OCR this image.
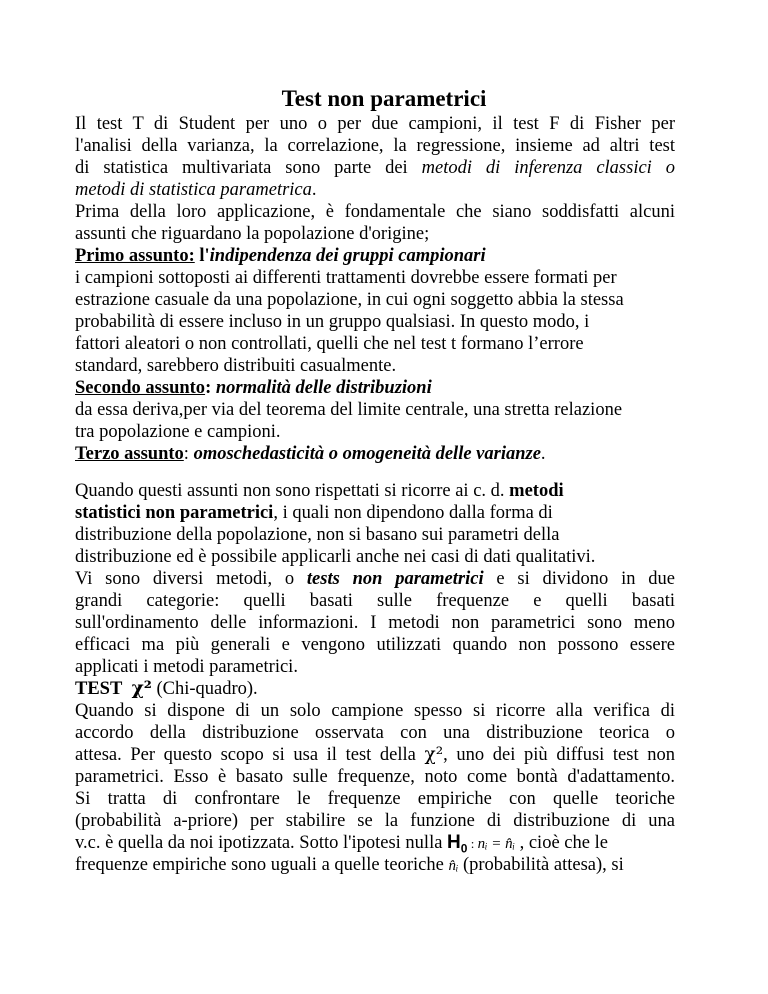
Test non parametrici
Il test T di Student per uno o per due campioni, il test F di Fisher per
l'analisi della varianza, la correlazione, la regressione, insieme ad altri test
di statistica multivariata sono parte dei metodi di inferenza classici o
metodi di statistica parametrica.
Prima della loro applicazione, è fondamentale che siano soddisfatti alcuni
assunti che riguardano la popolazione d'origine;
Primo assunto: l'indipendenza dei gruppi campionari
i campioni sottoposti ai differenti trattamenti dovrebbe essere formati per
estrazione casuale da una popolazione, in cui ogni soggetto abbia la stessa
probabilità di essere incluso in un gruppo qualsiasi. In questo modo, i
fattori aleatori o non controllati, quelli che nel test t formano l’errore
standard, sarebbero distribuiti casualmente.
Secondo assunto: normalità delle distribuzioni
da essa deriva,per via del teorema del limite centrale, una stretta relazione
tra popolazione e campioni.
Terzo assunto: omoschedasticità o omogeneità delle varianze.
Quando questi assunti non sono rispettati si ricorre ai c. d. metodi
statistici non parametrici, i quali non dipendono dalla forma di
distribuzione della popolazione, non si basano sui parametri della
distribuzione ed è possibile applicarli anche nei casi di dati qualitativi.
Vi sono diversi metodi, o tests non parametrici e si dividono in due
grandi categorie: quelli basati sulle frequenze e quelli basati
sull'ordinamento delle informazioni. I metodi non parametrici sono meno
efficaci ma più generali e vengono utilizzati quando non possono essere
applicati i metodi parametrici.
TEST χ² (Chi-quadro).
Quando si dispone di un solo campione spesso si ricorre alla verifica di
accordo della distribuzione osservata con una distribuzione teorica o
attesa. Per questo scopo si usa il test della χ², uno dei più diffusi test non
parametrici. Esso è basato sulle frequenze, noto come bontà d'adattamento.
Si tratta di confrontare le frequenze empiriche con quelle teoriche
(probabilità a-priore) per stabilire se la funzione di distribuzione di una
v.c. è quella da noi ipotizzata. Sotto l'ipotesi nulla $H_0$ : nᵢ = n̂ᵢ , cioè che le
frequenze empiriche sono uguali a quelle teoriche n̂ᵢ (probabilità attesa), si
